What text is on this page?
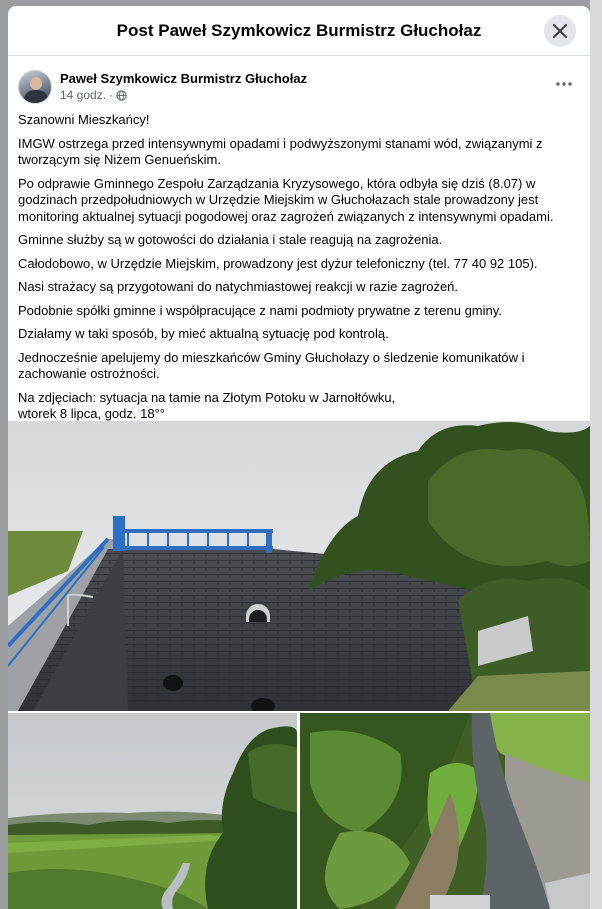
Post Paweł Szymkowicz Burmistrz Głuchołaz
Paweł Szymkowicz Burmistrz Głuchołaz
14 godz. ·

Szanowni Mieszkańcy!

IMGW ostrzega przed intensywnymi opadami i podwyższonymi stanami wód, związanymi z tworzącym się Niżem Genueńskim.

Po odprawie Gminnego Zespołu Zarządzania Kryzysowego, która odbyła się dziś (8.07) w godzinach przedpołudniowych w Urzędzie Miejskim w Głuchołazach stale prowadzony jest monitoring aktualnej sytuacji pogodowej oraz zagrożeń związanych z intensywnymi opadami.

Gminne służby są w gotowości do działania i stale reagują na zagrożenia.

Całodobowo, w Urzędzie Miejskim, prowadzony jest dyżur telefoniczny (tel. 77 40 92 105).

Nasi strażacy są przygotowani do natychmiastowej reakcji w razie zagrożeń.

Podobnie spółki gminne i współpracujące z nami podmioty prywatne z terenu gminy.

Działamy w taki sposób, by mieć aktualną sytuację pod kontrolą.

Jednocześnie apelujemy do mieszkańców Gminy Głuchołazy o śledzenie komunikatów i zachowanie ostrożności.

Na zdjęciach: sytuacja na tamie na Złotym Potoku w Jarnołtówku,
wtorek 8 lipca, godz. 18°°
